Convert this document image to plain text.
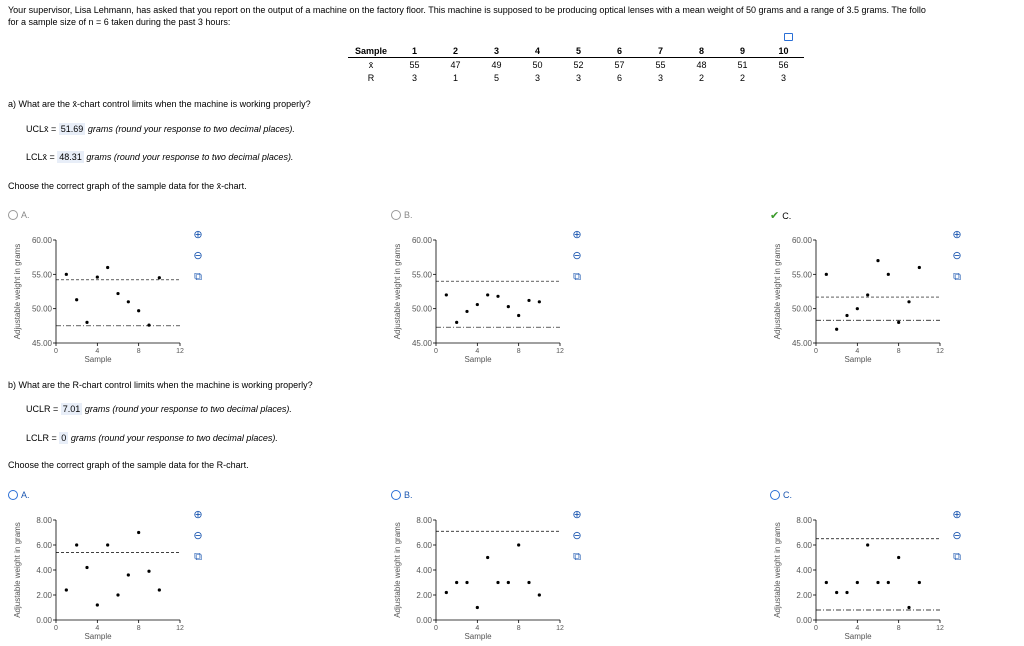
Your supervisor, Lisa Lehmann, has asked that you report on the output of a machine on the factory floor. This machine is supposed to be producing optical lenses with a mean weight of 50 grams and a range of 3.5 grams. The follo
for a sample size of n = 6 taken during the past 3 hours:
Sample	1	2	3	4	5	6	7	8	9	10
x̄	55	47	49	50	52	57	55	48	51	56
R	3	1	5	3	3	6	3	2	2	3
a) What are the x̄-chart control limits when the machine is working properly?
UCLx̄ = 51.69 grams (round your response to two decimal places).
LCLx̄ = 48.31 grams (round your response to two decimal places).
Choose the correct graph of the sample data for the x̄-chart.
A.	B.	✔ C.
b) What are the R-chart control limits when the machine is working properly?
UCLR = 7.01 grams (round your response to two decimal places).
LCLR = 0 grams (round your response to two decimal places).
Choose the correct graph of the sample data for the R-chart.
A.	B.	C.
⊕
⊖
⧉
⊕
⊖
⧉
⊕
⊖
⧉
⊕
⊖
⧉
⊕
⊖
⧉
⊕
⊖
⧉
45.00
50.00
55.00
60.00
0	4	8	12
Adjustable weight in grams
Sample
45.00
50.00
55.00
60.00
0	4	8	12
Adjustable weight in grams
Sample
45.00
50.00
55.00
60.00
0	4	8	12
Adjustable weight in grams
Sample
0.00
2.00
4.00
6.00
8.00
0	4	8	12
Adjustable weight in grams
Sample
0.00
2.00
4.00
6.00
8.00
0	4	8	12
Adjustable weight in grams
Sample
0.00
2.00
4.00
6.00
8.00
0	4	8	12
Adjustable weight in grams
Sample
